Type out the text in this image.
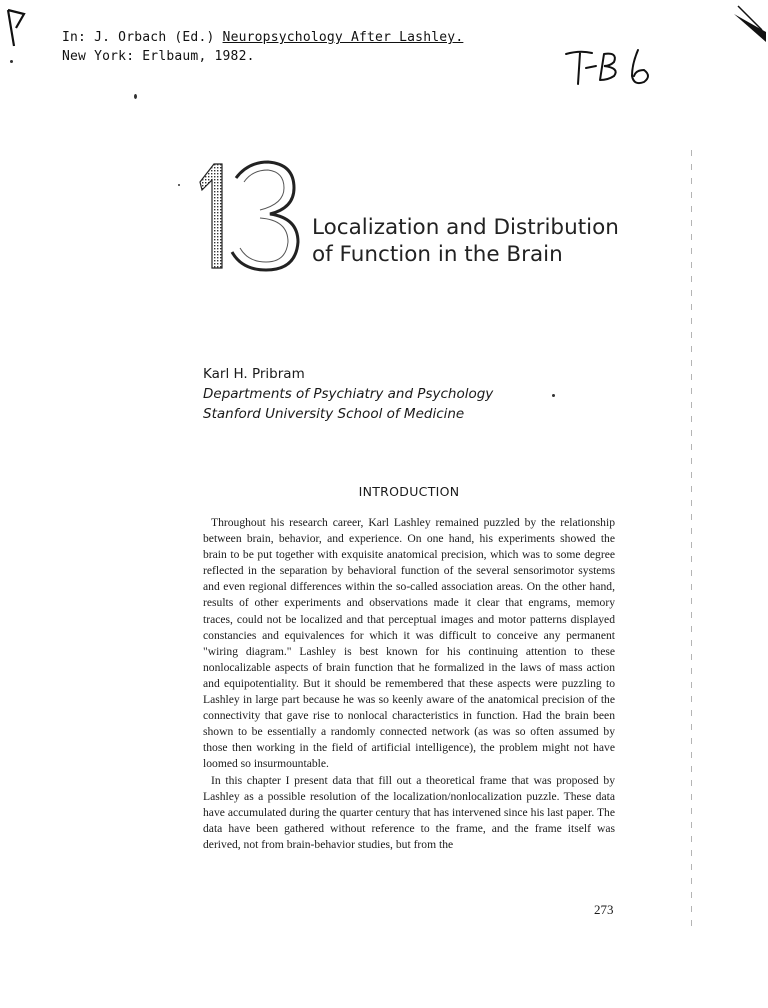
In: J. Orbach (Ed.) Neuropsychology After Lashley.
New York: Erlbaum, 1982.
13
Localization and Distribution
of Function in the Brain
Karl H. Pribram
Departments of Psychiatry and Psychology
Stanford University School of Medicine
INTRODUCTION

Throughout his research career, Karl Lashley remained puzzled by the relationship between brain, behavior, and experience. On one hand, his experiments showed the brain to be put together with exquisite anatomical precision, which was to some degree reflected in the separation by behavioral function of the several sensorimotor systems and even regional differences within the so-called association areas. On the other hand, results of other experiments and observations made it clear that engrams, memory traces, could not be localized and that perceptual images and motor patterns displayed constancies and equivalences for which it was difficult to conceive any permanent "wiring diagram." Lashley is best known for his continuing attention to these nonlocalizable aspects of brain function that he formalized in the laws of mass action and equipotentiality. But it should be remembered that these aspects were puzzling to Lashley in large part because he was so keenly aware of the anatomical precision of the connectivity that gave rise to nonlocal characteristics in function. Had the brain been shown to be essentially a randomly connected network (as was so often assumed by those then working in the field of artificial intelligence), the problem might not have loomed so insurmountable.

In this chapter I present data that fill out a theoretical frame that was proposed by Lashley as a possible resolution of the localization/nonlocalization puzzle. These data have accumulated during the quarter century that has intervened since his last paper. The data have been gathered without reference to the frame, and the frame itself was derived, not from brain-behavior studies, but from the

273
